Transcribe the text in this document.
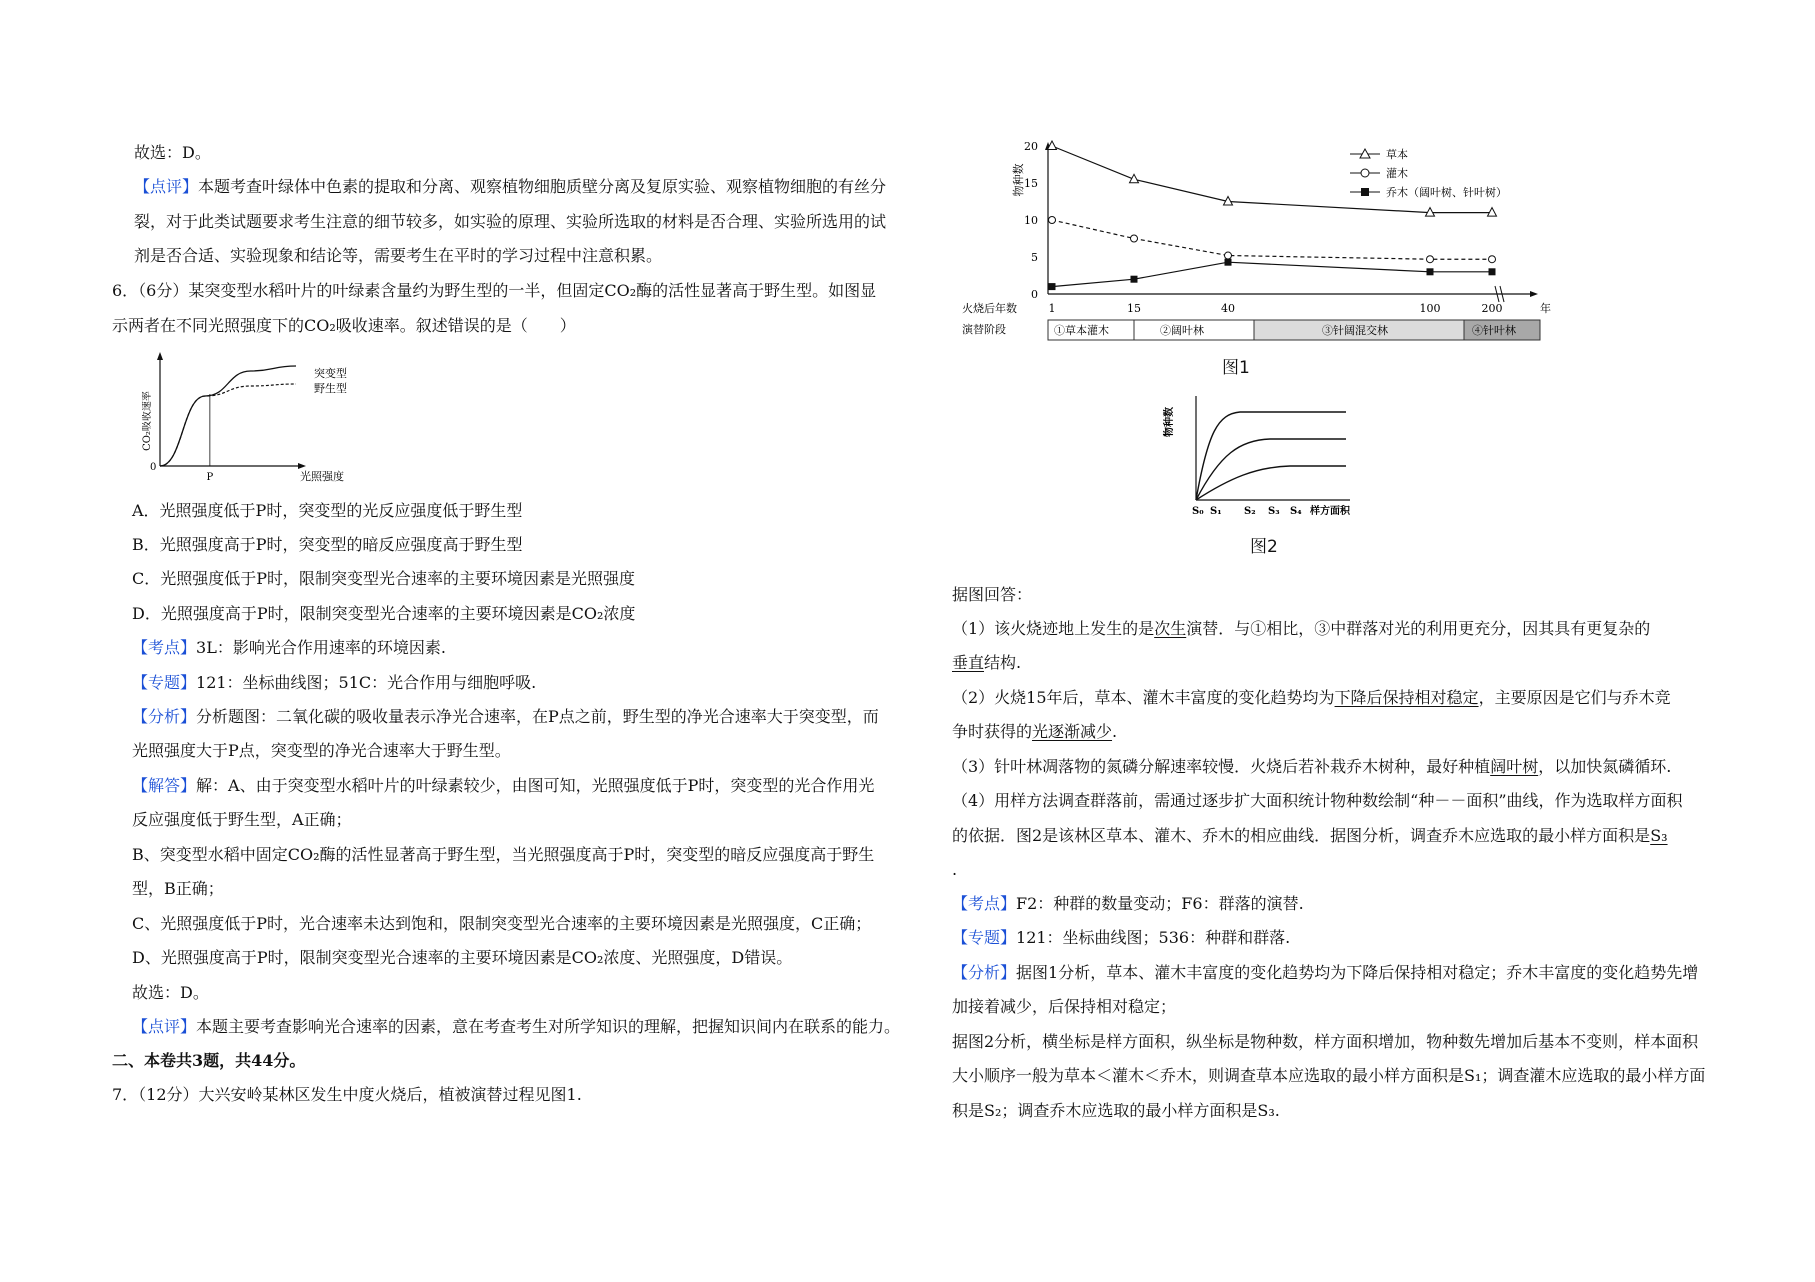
故选：D。
【点评】本题考查叶绿体中色素的提取和分离、观察植物细胞质壁分离及复原实验、观察植物细胞的有丝分
裂，对于此类试题要求考生注意的细节较多，如实验的原理、实验所选取的材料是否合理、实验所选用的试
剂是否合适、实验现象和结论等，需要考生在平时的学习过程中注意积累。
6．（6分）某突变型水稻叶片的叶绿素含量约为野生型的一半，但固定CO₂酶的活性显著高于野生型。如图显
示两者在不同光照强度下的CO₂吸收速率。叙述错误的是（　　）
CO₂吸收速率
0
P	光照强度
突变型
野生型
A．光照强度低于P时，突变型的光反应强度低于野生型
B．光照强度高于P时，突变型的暗反应强度高于野生型
C．光照强度低于P时，限制突变型光合速率的主要环境因素是光照强度
D．光照强度高于P时，限制突变型光合速率的主要环境因素是CO₂浓度
【考点】3L：影响光合作用速率的环境因素.
【专题】121：坐标曲线图；51C：光合作用与细胞呼吸.
【分析】分析题图：二氧化碳的吸收量表示净光合速率，在P点之前，野生型的净光合速率大于突变型，而
光照强度大于P点，突变型的净光合速率大于野生型。
【解答】解：A、由于突变型水稻叶片的叶绿素较少，由图可知，光照强度低于P时，突变型的光合作用光
反应强度低于野生型，A正确；
B、突变型水稻中固定CO₂酶的活性显著高于野生型，当光照强度高于P时，突变型的暗反应强度高于野生
型，B正确；
C、光照强度低于P时，光合速率未达到饱和，限制突变型光合速率的主要环境因素是光照强度，C正确；
D、光照强度高于P时，限制突变型光合速率的主要环境因素是CO₂浓度、光照强度，D错误。
故选：D。
【点评】本题主要考查影响光合速率的因素，意在考查考生对所学知识的理解，把握知识间内在联系的能力。
二、本卷共3题，共44分。
7．（12分）大兴安岭某林区发生中度火烧后，植被演替过程见图1.
物种数
20
15
10
5
0
火烧后年数	1	15	40	100	200	年
演替阶段	①草本灌木	②阔叶林	③针阔混交林	④针叶林
草本
灌木
乔木（阔叶树、针叶树）
图1
物种数
S₀ S₁ S₂ S₃ S₄ 样方面积
图2
据图回答：
（1）该火烧迹地上发生的是次生演替．与①相比，③中群落对光的利用更充分，因其具有更复杂的
垂直结构.
（2）火烧15年后，草本、灌木丰富度的变化趋势均为下降后保持相对稳定，主要原因是它们与乔木竞
争时获得的光逐渐减少.
（3）针叶林凋落物的氮磷分解速率较慢．火烧后若补栽乔木树种，最好种植阔叶树，以加快氮磷循环.
（4）用样方法调查群落前，需通过逐步扩大面积统计物种数绘制“种－－面积”曲线，作为选取样方面积
的依据．图2是该林区草本、灌木、乔木的相应曲线．据图分析，调查乔木应选取的最小样方面积是S₃
.
【考点】F2：种群的数量变动；F6：群落的演替.
【专题】121：坐标曲线图；536：种群和群落.
【分析】据图1分析，草本、灌木丰富度的变化趋势均为下降后保持相对稳定；乔木丰富度的变化趋势先增
加接着减少，后保持相对稳定；
据图2分析，横坐标是样方面积，纵坐标是物种数，样方面积增加，物种数先增加后基本不变则，样本面积
大小顺序一般为草本＜灌木＜乔木，则调查草本应选取的最小样方面积是S₁；调查灌木应选取的最小样方面
积是S₂；调查乔木应选取的最小样方面积是S₃.
